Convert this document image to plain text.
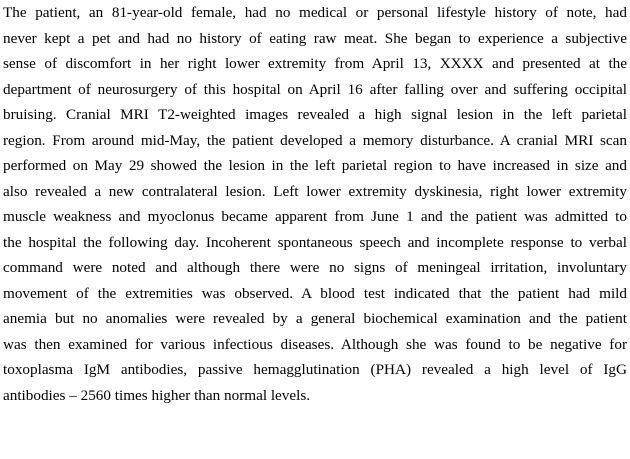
The patient, an 81-year-old female, had no medical or personal lifestyle history of note, had
never kept a pet and had no history of eating raw meat. She began to experience a subjective
sense of discomfort in her right lower extremity from April 13, XXXX and presented at the
department of neurosurgery of this hospital on April 16 after falling over and suffering occipital
bruising. Cranial MRI T2-weighted images revealed a high signal lesion in the left parietal
region. From around mid-May, the patient developed a memory disturbance. A cranial MRI scan
performed on May 29 showed the lesion in the left parietal region to have increased in size and
also revealed a new contralateral lesion. Left lower extremity dyskinesia, right lower extremity
muscle weakness and myoclonus became apparent from June 1 and the patient was admitted to
the hospital the following day. Incoherent spontaneous speech and incomplete response to verbal
command were noted and although there were no signs of meningeal irritation, involuntary
movement of the extremities was observed. A blood test indicated that the patient had mild
anemia but no anomalies were revealed by a general biochemical examination and the patient
was then examined for various infectious diseases. Although she was found to be negative for
toxoplasma IgM antibodies, passive hemagglutination (PHA) revealed a high level of IgG
antibodies – 2560 times higher than normal levels.
